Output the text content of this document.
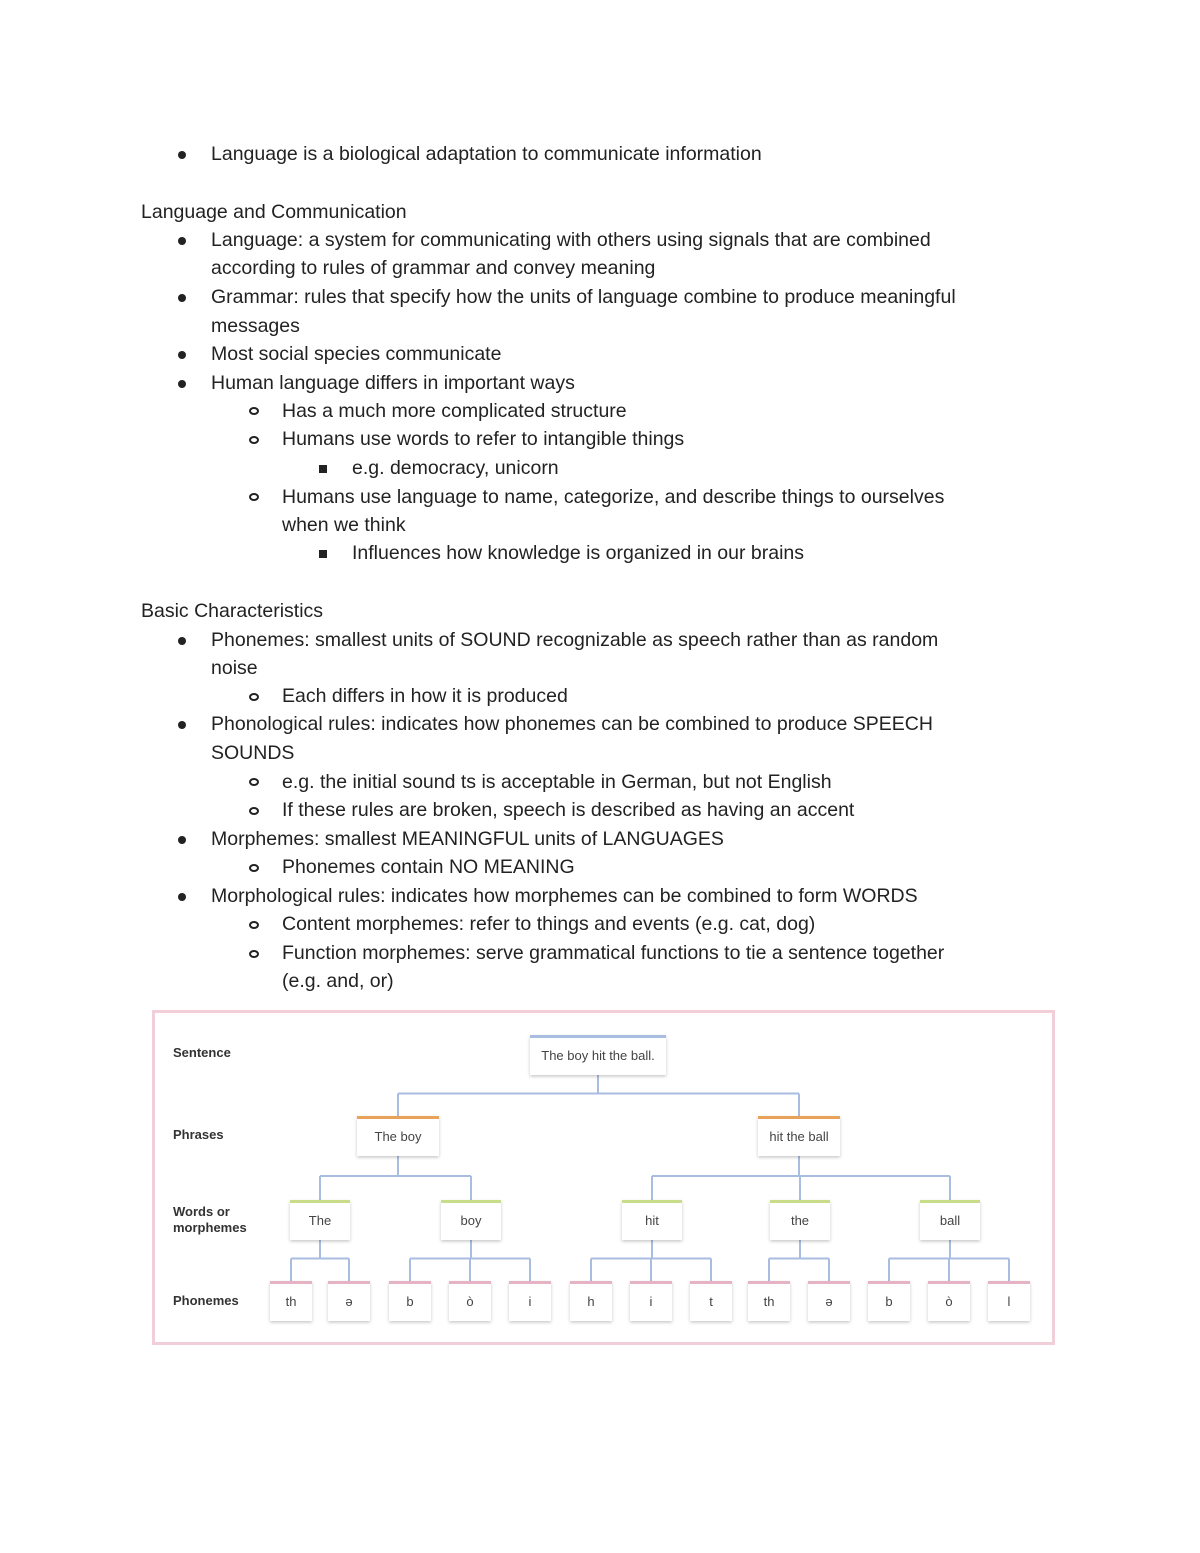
Language is a biological adaptation to communicate information
Language and Communication
Language: a system for communicating with others using signals that are combined
according to rules of grammar and convey meaning
Grammar: rules that specify how the units of language combine to produce meaningful
messages
Most social species communicate
Human language differs in important ways
Has a much more complicated structure
Humans use words to refer to intangible things
e.g. democracy, unicorn
Humans use language to name, categorize, and describe things to ourselves
when we think
Influences how knowledge is organized in our brains
Basic Characteristics
Phonemes: smallest units of SOUND recognizable as speech rather than as random
noise
Each differs in how it is produced
Phonological rules: indicates how phonemes can be combined to produce SPEECH
SOUNDS
e.g. the initial sound ts is acceptable in German, but not English
If these rules are broken, speech is described as having an accent
Morphemes: smallest MEANINGFUL units of LANGUAGES
Phonemes contain NO MEANING
Morphological rules: indicates how morphemes can be combined to form WORDS
Content morphemes: refer to things and events (e.g. cat, dog)
Function morphemes: serve grammatical functions to tie a sentence together
(e.g. and, or)
Sentence
Phrases
Words or
morphemes
Phonemes
The boy hit the ball.
The boy	hit the ball
The	boy	hit	the	ball
th	ə	b	ò	i	h	i	t	th	ə	b	ò	l
